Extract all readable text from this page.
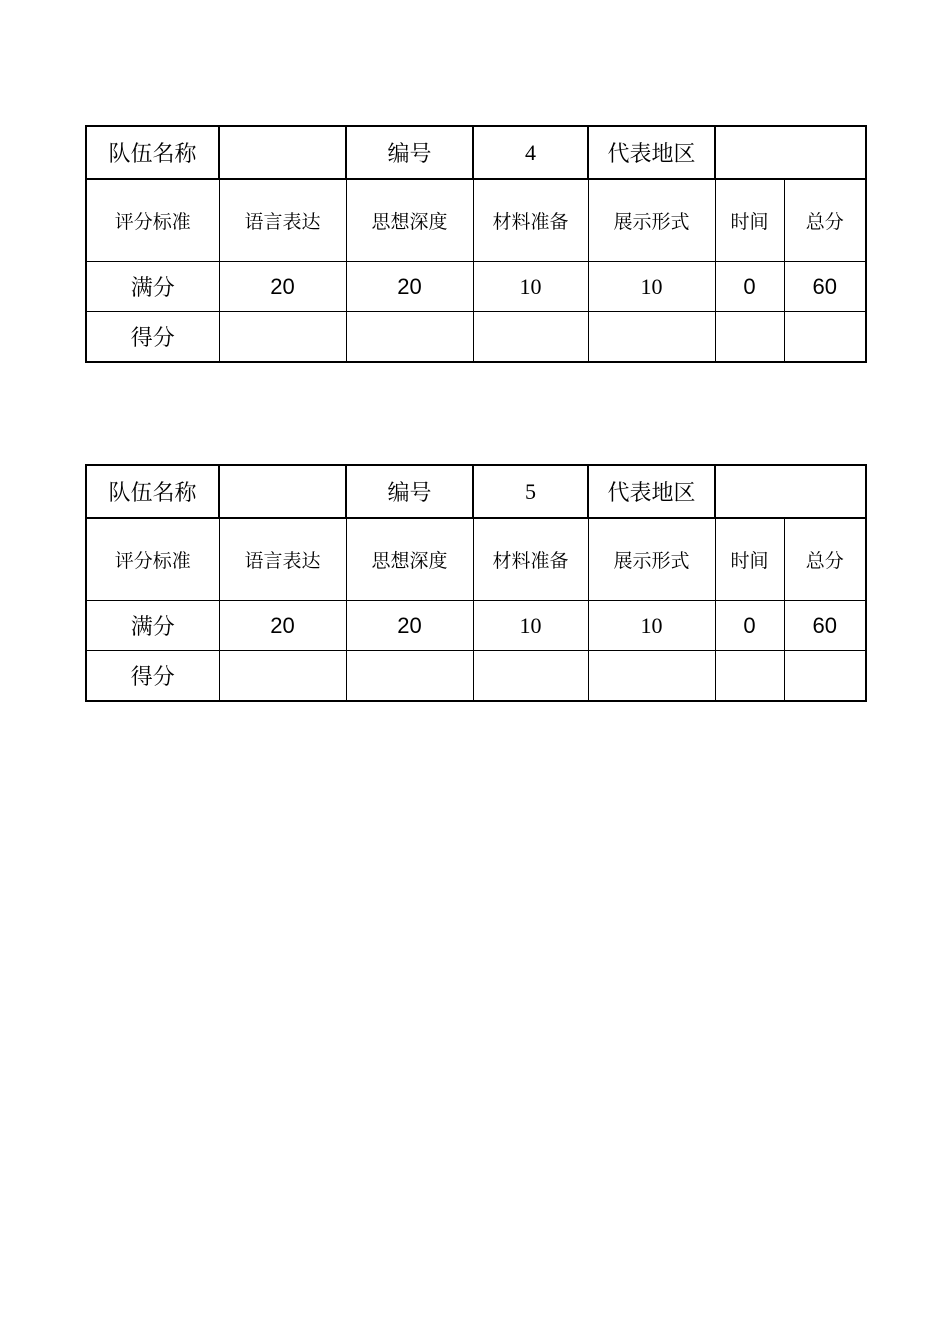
队伍名称		编号	4	代表地区		
评分标准	语言表达	思想深度	材料准备	展示形式	时间	总分
满分	20	20	10	10	0	60
得分						
队伍名称		编号	5	代表地区		
评分标准	语言表达	思想深度	材料准备	展示形式	时间	总分
满分	20	20	10	10	0	60
得分						
